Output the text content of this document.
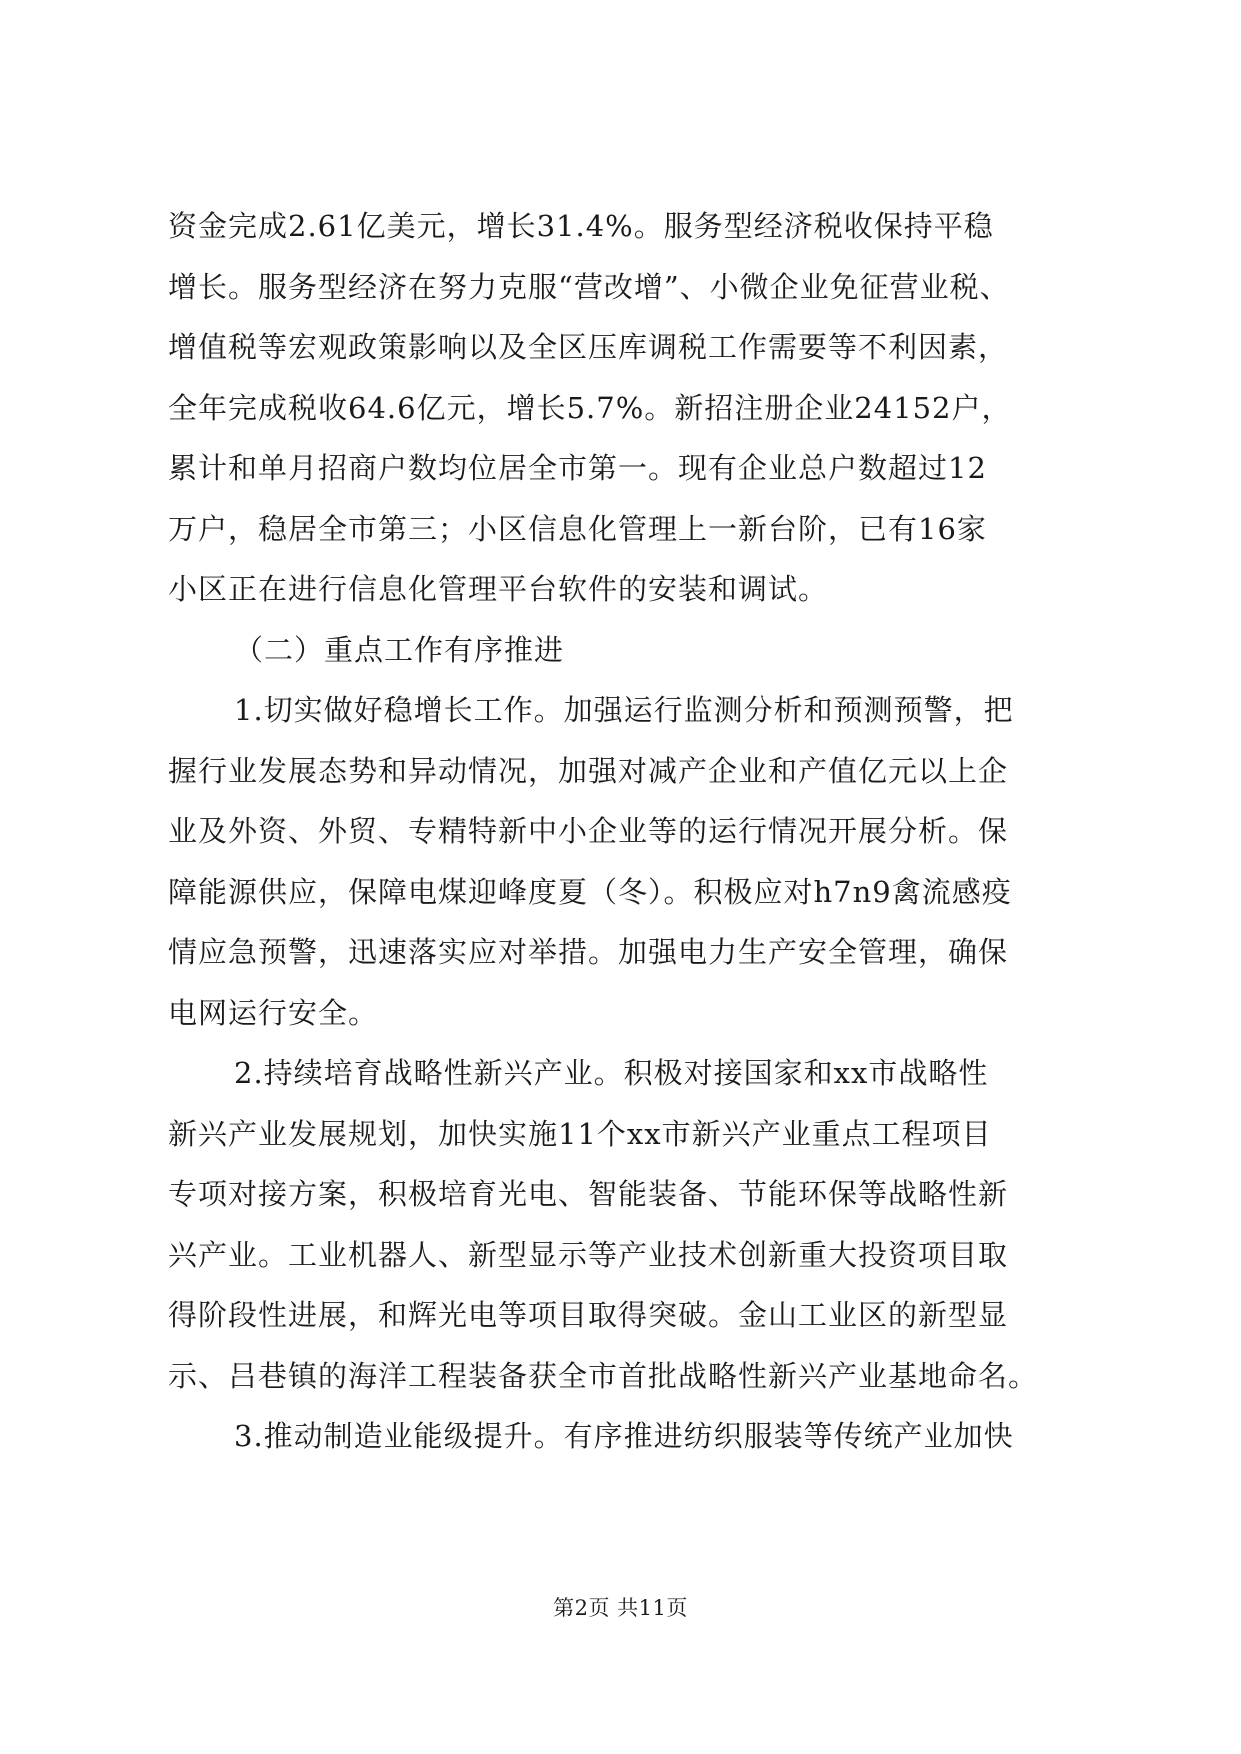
资金完成2.61亿美元，增长31.4%。服务型经济税收保持平稳
增长。服务型经济在努力克服“营改增”、小微企业免征营业税、
增值税等宏观政策影响以及全区压库调税工作需要等不利因素，
全年完成税收64.6亿元，增长5.7%。新招注册企业24152户，
累计和单月招商户数均位居全市第一。现有企业总户数超过12
万户，稳居全市第三；小区信息化管理上一新台阶，已有16家
小区正在进行信息化管理平台软件的安装和调试。
（二）重点工作有序推进
1.切实做好稳增长工作。加强运行监测分析和预测预警，把
握行业发展态势和异动情况，加强对减产企业和产值亿元以上企
业及外资、外贸、专精特新中小企业等的运行情况开展分析。保
障能源供应，保障电煤迎峰度夏（冬）。积极应对h7n9禽流感疫
情应急预警，迅速落实应对举措。加强电力生产安全管理，确保
电网运行安全。
2.持续培育战略性新兴产业。积极对接国家和xx市战略性
新兴产业发展规划，加快实施11个xx市新兴产业重点工程项目
专项对接方案，积极培育光电、智能装备、节能环保等战略性新
兴产业。工业机器人、新型显示等产业技术创新重大投资项目取
得阶段性进展，和辉光电等项目取得突破。金山工业区的新型显
示、吕巷镇的海洋工程装备获全市首批战略性新兴产业基地命名。
3.推动制造业能级提升。有序推进纺织服装等传统产业加快
第2页 共11页
